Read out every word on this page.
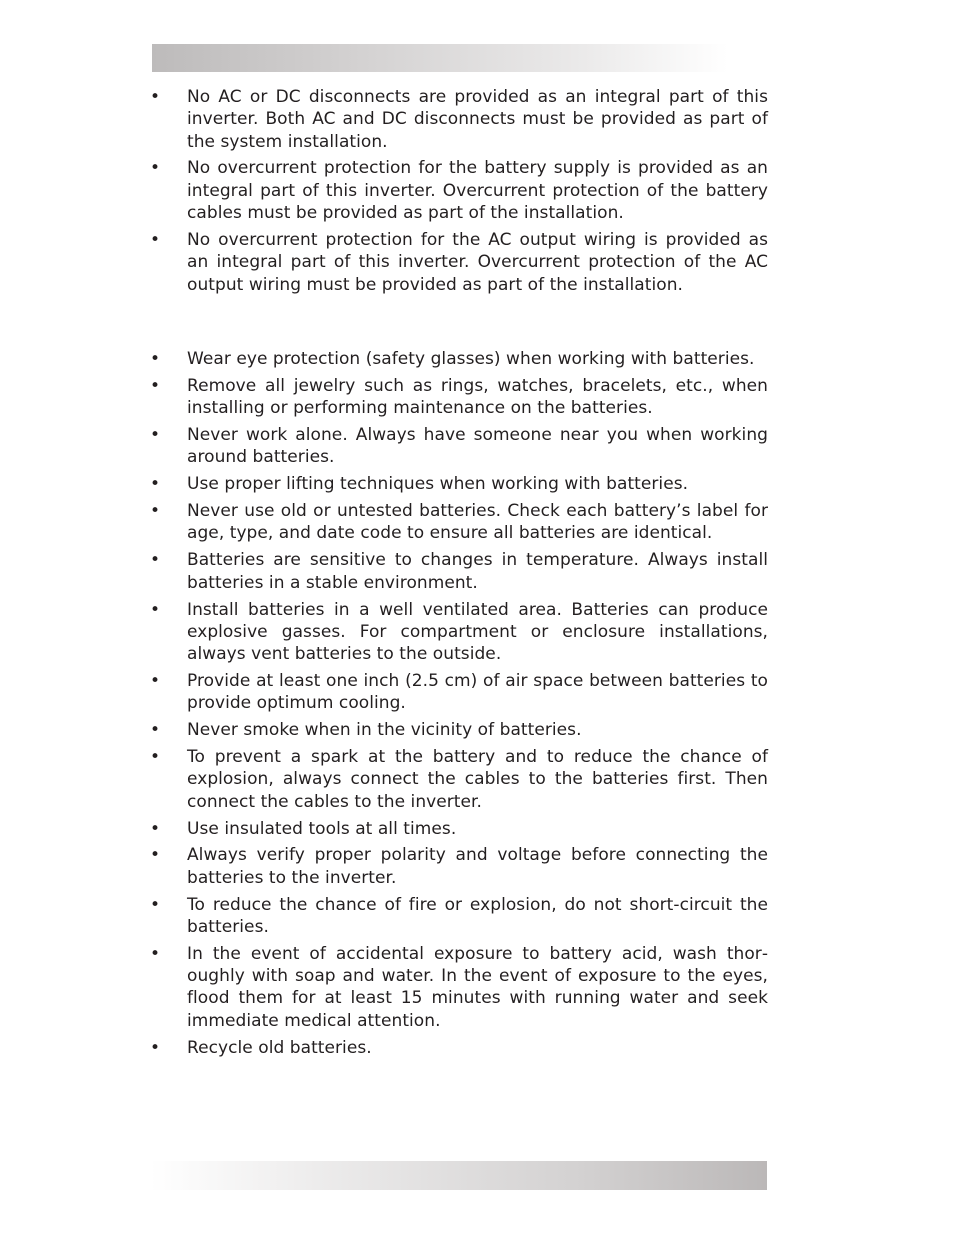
• No AC or DC disconnects are provided as an integral part of this inverter. Both AC and DC disconnects must be provided as part of the system installation.
• No overcurrent protection for the battery supply is provided as an integral part of this inverter. Overcurrent protection of the battery cables must be provided as part of the installation.
• No overcurrent protection for the AC output wiring is provided as an integral part of this inverter. Overcurrent protection of the AC output wiring must be provided as part of the installation.
• Wear eye protection (safety glasses) when working with batteries.
• Remove all jewelry such as rings, watches, bracelets, etc., when installing or performing maintenance on the batteries.
• Never work alone. Always have someone near you when working around batteries.
• Use proper lifting techniques when working with batteries.
• Never use old or untested batteries. Check each battery’s label for age, type, and date code to ensure all batteries are identical.
• Batteries are sensitive to changes in temperature. Always install batteries in a stable environment.
• Install batteries in a well ventilated area. Batteries can produce explosive gasses. For compartment or enclosure installations, always vent batteries to the outside.
• Provide at least one inch (2.5 cm) of air space between batteries to provide optimum cooling.
• Never smoke when in the vicinity of batteries.
• To prevent a spark at the battery and to reduce the chance of explosion, always connect the cables to the batteries first. Then connect the cables to the inverter.
• Use insulated tools at all times.
• Always verify proper polarity and voltage before connecting the batteries to the inverter.
• To reduce the chance of fire or explosion, do not short-circuit the batteries.
• In the event of accidental exposure to battery acid, wash thoroughly with soap and water. In the event of exposure to the eyes, flood them for at least 15 minutes with running water and seek immediate medical attention.
• Recycle old batteries.
